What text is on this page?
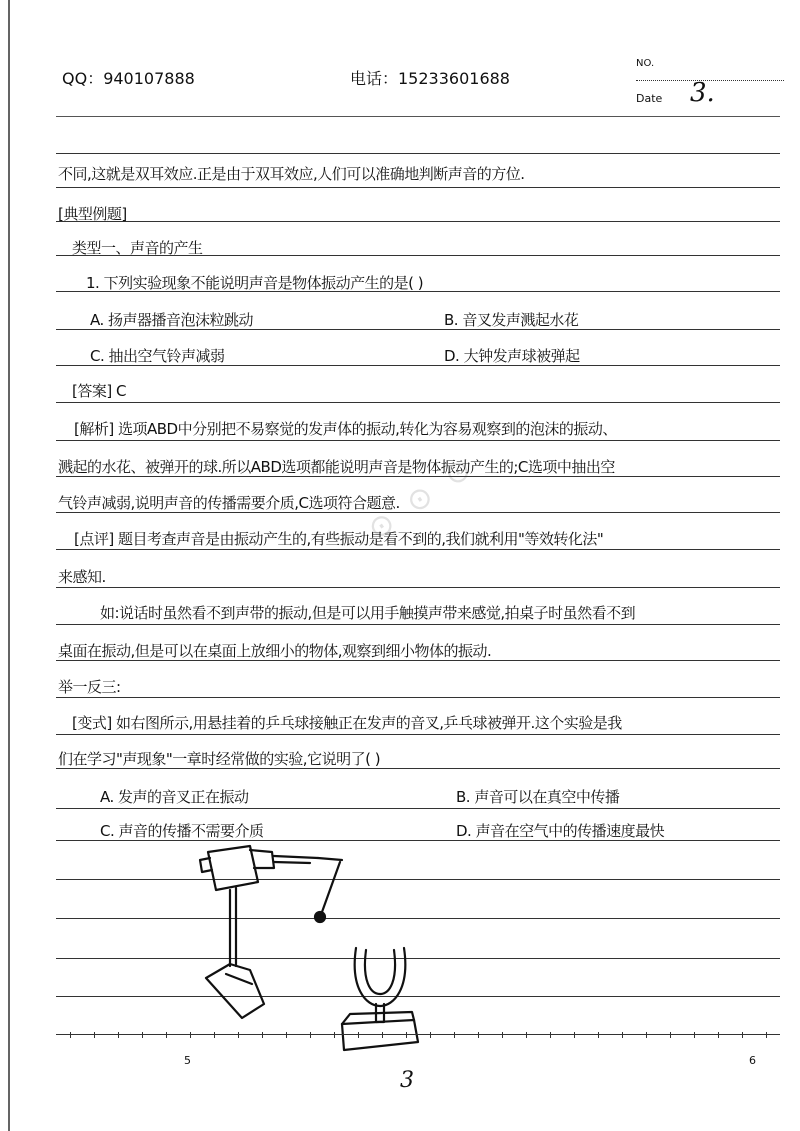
QQ：940107888	电话：15233601688
NO.
Date 3.
⊙ ⊙ ⊙
不同,这就是双耳效应.正是由于双耳效应,人们可以准确地判断声音的方位.
[典型例题]
类型一、声音的产生
1. 下列实验现象不能说明声音是物体振动产生的是( )
A. 扬声器播音泡沫粒跳动	B. 音叉发声溅起水花
C. 抽出空气铃声减弱	D. 大钟发声球被弹起
[答案] C
[解析] 选项ABD中分别把不易察觉的发声体的振动,转化为容易观察到的泡沫的振动、
溅起的水花、被弹开的球.所以ABD选项都能说明声音是物体振动产生的;C选项中抽出空
气铃声减弱,说明声音的传播需要介质,C选项符合题意.
[点评] 题目考查声音是由振动产生的,有些振动是看不到的,我们就利用"等效转化法"
来感知.
如:说话时虽然看不到声带的振动,但是可以用手触摸声带来感觉,拍桌子时虽然看不到
桌面在振动,但是可以在桌面上放细小的物体,观察到细小物体的振动.
举一反三:
[变式] 如右图所示,用悬挂着的乒乓球接触正在发声的音叉,乒乓球被弹开.这个实验是我
们在学习"声现象"一章时经常做的实验,它说明了( )
A. 发声的音叉正在振动	B. 声音可以在真空中传播
C. 声音的传播不需要介质	D. 声音在空气中的传播速度最快
5	6
3
